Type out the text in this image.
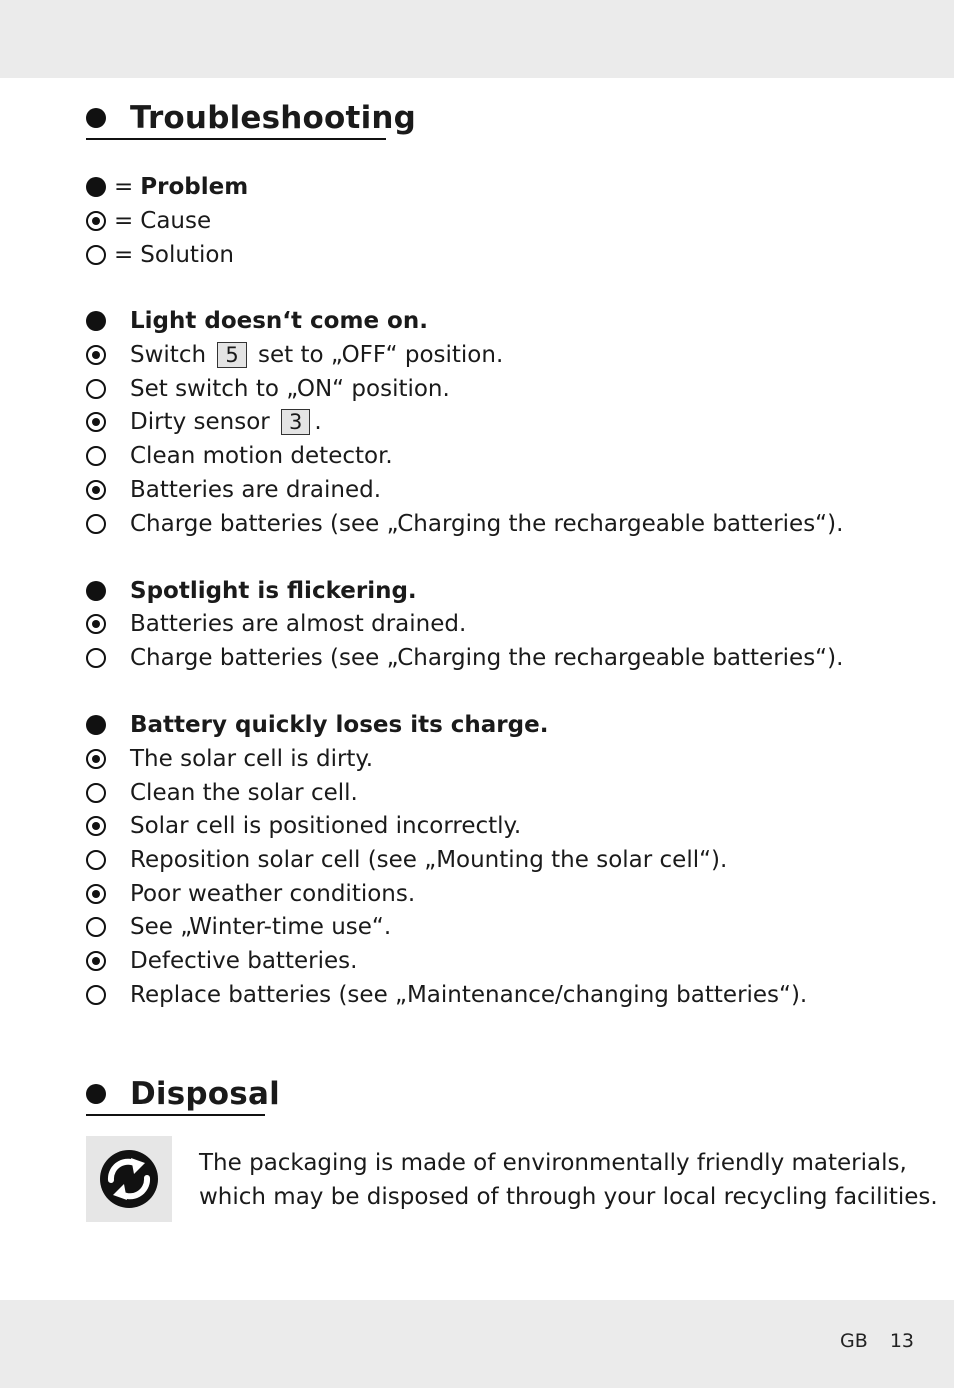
Troubleshooting
= Problem
= Cause
= Solution
Light doesn‘t come on.
Switch 5 set to „OFF“ position.
Set switch to „ON“ position.
Dirty sensor 3 .
Clean motion detector.
Batteries are drained.
Charge batteries (see „Charging the rechargeable batteries“).
Spotlight is flickering.
Batteries are almost drained.
Charge batteries (see „Charging the rechargeable batteries“).
Battery quickly loses its charge.
The solar cell is dirty.
Clean the solar cell.
Solar cell is positioned incorrectly.
Reposition solar cell (see „Mounting the solar cell“).
Poor weather conditions.
See „Winter-time use“.
Defective batteries.
Replace batteries (see „Maintenance/changing batteries“).
Disposal
The packaging is made of environmentally friendly materials,
which may be disposed of through your local recycling facilities.
GB 13
